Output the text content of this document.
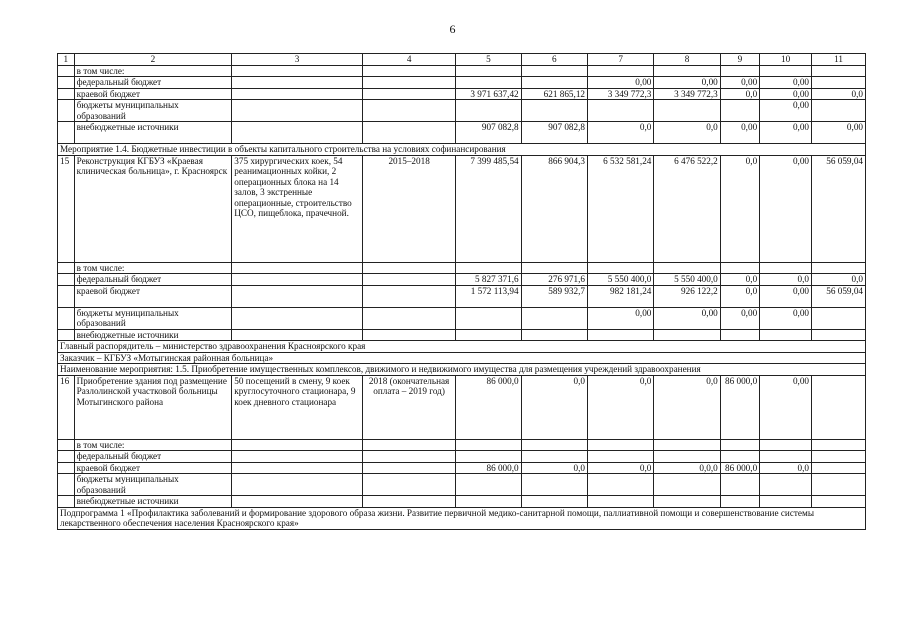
6
1	2	3	4	5	6	7	8	9	10	11
	в том числе:									
	федеральный бюджет					0,00	0,00	0,00	0,00	
	краевой бюджет			3 971 637,42	621 865,12	3 349 772,3	3 349 772,3	0,0	0,00	0,0
	бюджеты муниципальных образований								0,00	
	внебюджетные источники			907 082,8	907 082,8	0,0	0,0	0,00	0,00	0,00
Мероприятие 1.4. Бюджетные инвестиции в объекты капитального строительства на условиях софинансирования										
15	Реконструкция КГБУЗ «Краевая клиническая больница», г. Красноярск	375 хирургических коек, 54 реанимационных койки, 2 операционных блока на 14 залов, 3 экстренные операционные, строительство ЦСО, пищеблока, прачечной.	2015–2018	7 399 485,54	866 904,3	6 532 581,24	6 476 522,2	0,0	0,00	56 059,04
	в том числе:									
	федеральный бюджет			5 827 371,6	276 971,6	5 550 400,0	5 550 400,0	0,0	0,0	0,0
	краевой бюджет			1 572 113,94	589 932,7	982 181,24	926 122,2	0,0	0,00	56 059,04
	бюджеты муниципальных образований					0,00	0,00	0,00	0,00	
	внебюджетные источники									
Главный распорядитель – министерство здравоохранения Красноярского края										
Заказчик – КГБУЗ «Мотыгинская районная больница»										
Наименование мероприятия: 1.5. Приобретение имущественных комплексов, движимого и недвижимого имущества для размещения учреждений здравоохранения										
16	Приобретение здания под размещение Разлолинской участковой больницы Мотыгинского района	50 посещений в смену, 9 коек круглосуточного стационара, 9 коек дневного стационара	2018 (окончательная оплата – 2019 год)	86 000,0	0,0	0,0	0,0	86 000,0	0,00	
	в том числе:									
	федеральный бюджет									
	краевой бюджет			86 000,0	0,0	0,0	0,0,0	86 000,0	0,0	
	бюджеты муниципальных образований									
	внебюджетные источники									
Подпрограмма 1 «Профилактика заболеваний и формирование здорового образа жизни. Развитие первичной медико-санитарной помощи, паллиативной помощи и совершенствование системы лекарственного обеспечения населения Красноярского края»										
